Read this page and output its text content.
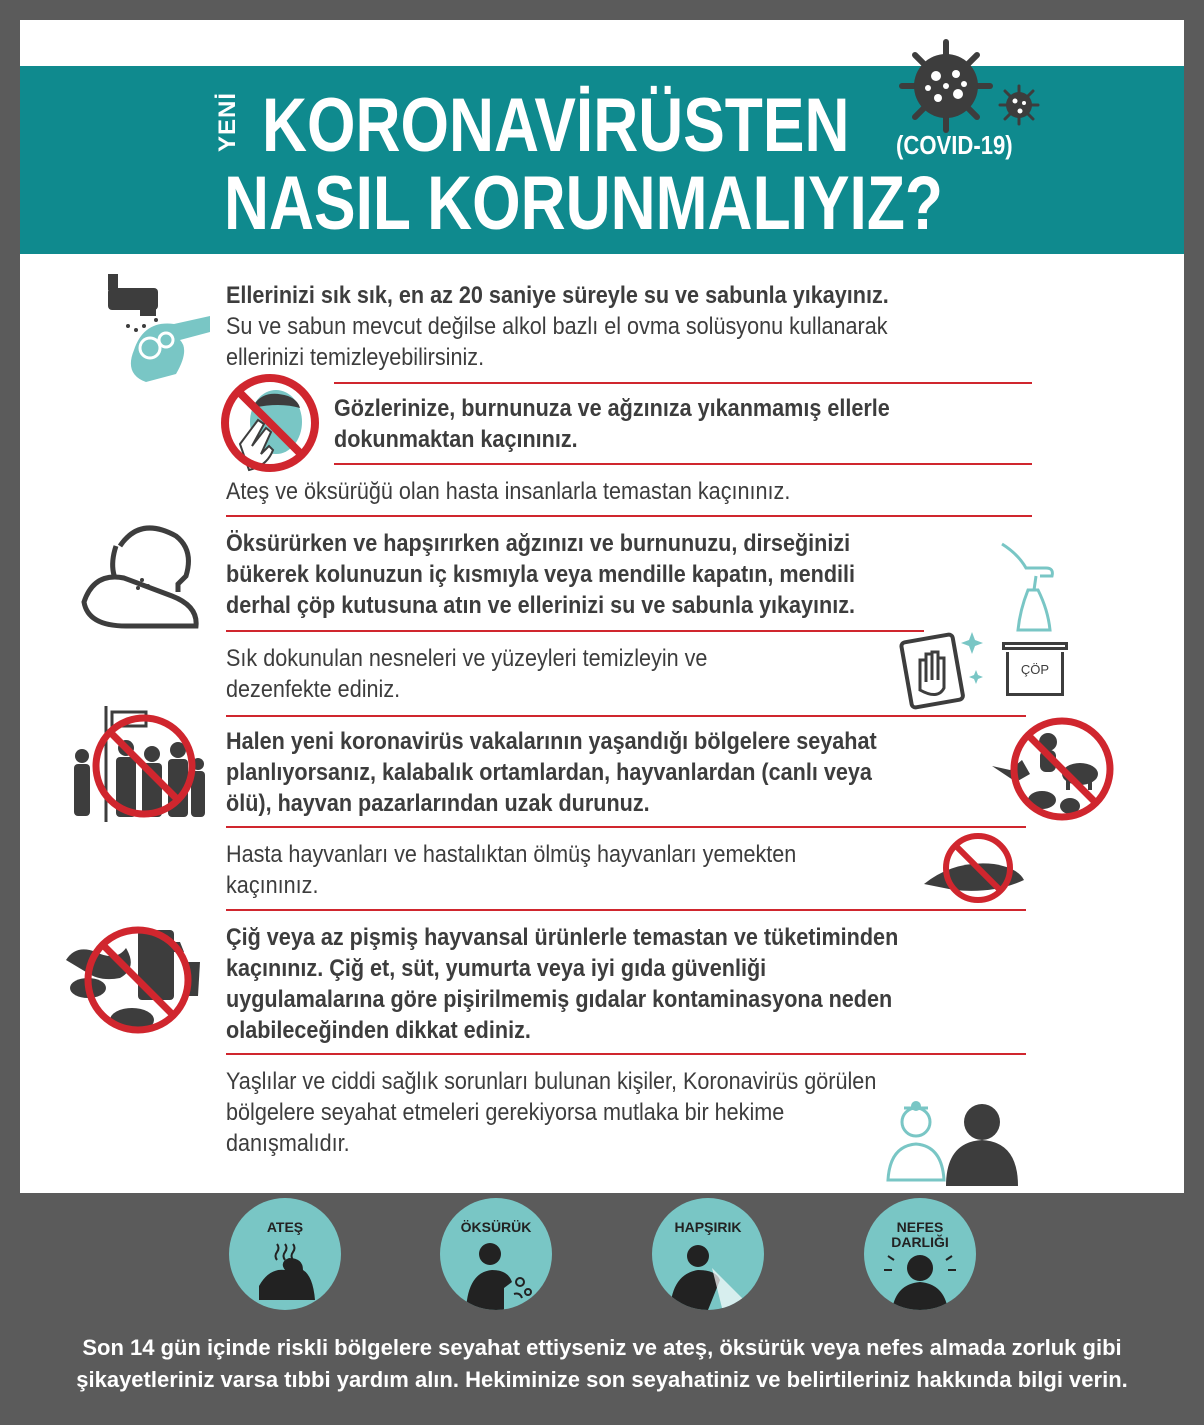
YENİ KORONAVİRÜSTEN (COVID-19)
NASIL KORUNMALIYIZ?
Ellerinizi sık sık, en az 20 saniye süreyle su ve sabunla yıkayınız.
Su ve sabun mevcut değilse alkol bazlı el ovma solüsyonu kullanarak
ellerinizi temizleyebilirsiniz.
Gözlerinize, burnunuza ve ağzınıza yıkanmamış ellerle
dokunmaktan kaçınınız.
Ateş ve öksürüğü olan hasta insanlarla temastan kaçınınız.
Öksürürken ve hapşırırken ağzınızı ve burnunuzu, dirseğinizi
bükerek kolunuzun iç kısmıyla veya mendille kapatın, mendili
derhal çöp kutusuna atın ve ellerinizi su ve sabunla yıkayınız.
Sık dokunulan nesneleri ve yüzeyleri temizleyin ve
dezenfekte ediniz.
ÇÖP
Halen yeni koronavirüs vakalarının yaşandığı bölgelere seyahat
planlıyorsanız, kalabalık ortamlardan, hayvanlardan (canlı veya
ölü), hayvan pazarlarından uzak durunuz.
Hasta hayvanları ve hastalıktan ölmüş hayvanları yemekten
kaçınınız.
Çiğ veya az pişmiş hayvansal ürünlerle temastan ve tüketiminden
kaçınınız. Çiğ et, süt, yumurta veya iyi gıda güvenliği
uygulamalarına göre pişirilmemiş gıdalar kontaminasyona neden
olabileceğinden dikkat ediniz.
Yaşlılar ve ciddi sağlık sorunları bulunan kişiler, Koronavirüs görülen
bölgelere seyahat etmeleri gerekiyorsa mutlaka bir hekime
danışmalıdır.
ATEŞ	ÖKSÜRÜK	HAPŞIRIK	NEFES
DARLIĞI
Son 14 gün içinde riskli bölgelere seyahat ettiyseniz ve ateş, öksürük veya nefes almada zorluk gibi
şikayetleriniz varsa tıbbi yardım alın. Hekiminize son seyahatiniz ve belirtileriniz hakkında bilgi verin.
